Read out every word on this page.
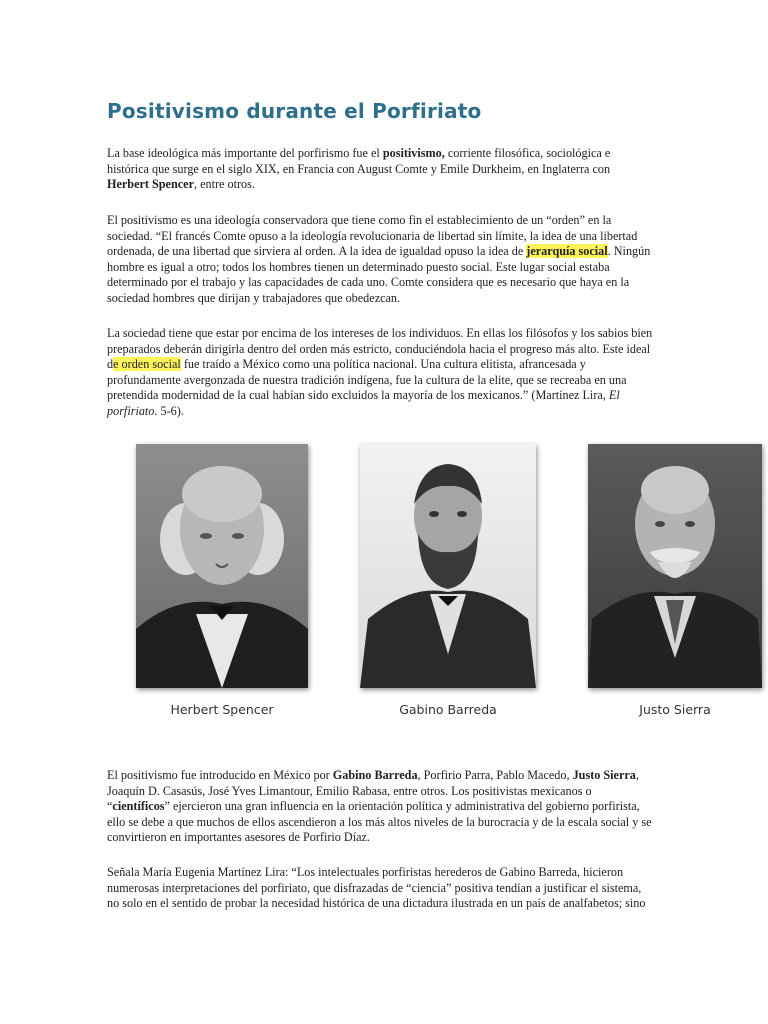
Positivismo durante el Porfiriato

La base ideológica más importante del porfirismo fue el positivismo, corriente filosófica, sociológica e histórica que surge en el siglo XIX, en Francia con August Comte y Emile Durkheim, en Inglaterra con Herbert Spencer, entre otros.

El positivismo es una ideología conservadora que tiene como fin el establecimiento de un “orden” en la sociedad. “El francés Comte opuso a la ideología revolucionaria de libertad sin límite, la idea de una libertad ordenada, de una libertad que sirviera al orden. A la idea de igualdad opuso la idea de jerarquía social. Ningún hombre es igual a otro; todos los hombres tienen un determinado puesto social. Este lugar social estaba determinado por el trabajo y las capacidades de cada uno. Comte considera que es necesario que haya en la sociedad hombres que dirijan y trabajadores que obedezcan.

La sociedad tiene que estar por encima de los intereses de los individuos. En ellas los filósofos y los sabios bien preparados deberán dirigirla dentro del orden más estricto, conduciéndola hacia el progreso más alto. Este ideal de orden social fue traído a México como una política nacional. Una cultura elitista, afrancesada y profundamente avergonzada de nuestra tradición indígena, fue la cultura de la elite, que se recreaba en una pretendida modernidad de la cual habían sido excluidos la mayoría de los mexicanos.” (Martínez Lira, El porfiriato. 5-6).

Herbert Spencer	Gabino Barreda	Justo Sierra

El positivismo fue introducido en México por Gabino Barreda, Porfirio Parra, Pablo Macedo, Justo Sierra, Joaquín D. Casasús, José Yves Limantour, Emilio Rabasa, entre otros. Los positivistas mexicanos o “científicos” ejercieron una gran influencia en la orientación política y administrativa del gobierno porfirista, ello se debe a que muchos de ellos ascendieron a los más altos niveles de la burocracia y de la escala social y se convirtieron en importantes asesores de Porfirio Díaz.

Señala María Eugenia Martínez Lira: “Los intelectuales porfiristas herederos de Gabino Barreda, hicieron numerosas interpretaciones del porfiriato, que disfrazadas de “ciencia” positiva tendían a justificar el sistema, no solo en el sentido de probar la necesidad histórica de una dictadura ilustrada en un país de analfabetos; sino
